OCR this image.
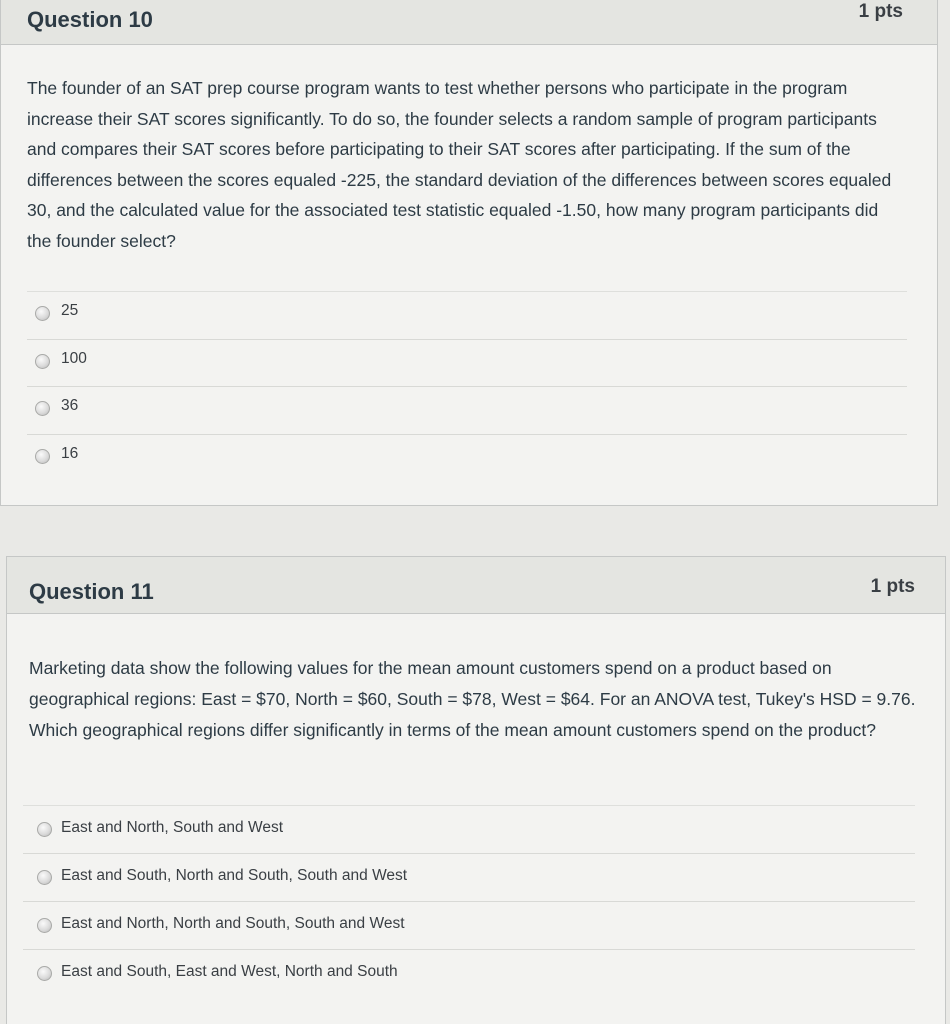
Question 10	1 pts
The founder of an SAT prep course program wants to test whether persons who participate in the program increase their SAT scores significantly. To do so, the founder selects a random sample of program participants and compares their SAT scores before participating to their SAT scores after participating. If the sum of the differences between the scores equaled -225, the standard deviation of the differences between scores equaled 30, and the calculated value for the associated test statistic equaled -1.50, how many program participants did the founder select?
25
100
36
16
Question 11	1 pts
Marketing data show the following values for the mean amount customers spend on a product based on geographical regions: East = $70, North = $60, South = $78, West = $64. For an ANOVA test, Tukey's HSD = 9.76. Which geographical regions differ significantly in terms of the mean amount customers spend on the product?
East and North, South and West
East and South, North and South, South and West
East and North, North and South, South and West
East and South, East and West, North and South
